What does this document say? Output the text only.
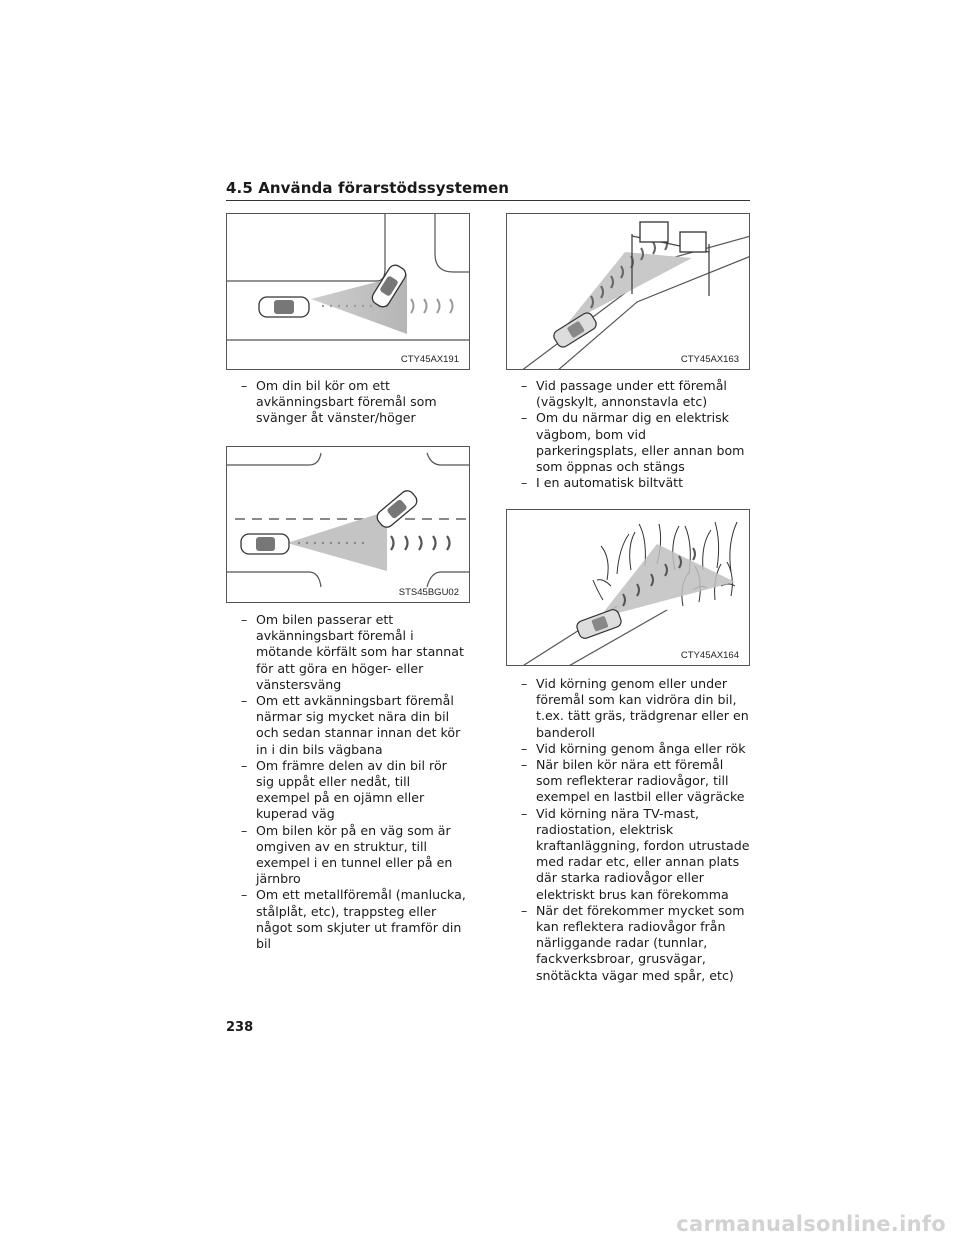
4.5 Använda förarstödssystemen
CTY45AX191
– Om din bil kör om ett avkänningsbart föremål som svänger åt vänster/höger
STS45BGU02
– Om bilen passerar ett avkänningsbart föremål i mötande körfält som har stannat för att göra en höger- eller vänstersväng
– Om ett avkänningsbart föremål närmar sig mycket nära din bil och sedan stannar innan det kör in i din bils vägbana
– Om främre delen av din bil rör sig uppåt eller nedåt, till exempel på en ojämn eller kuperad väg
– Om bilen kör på en väg som är omgiven av en struktur, till exempel i en tunnel eller på en järnbro
– Om ett metallföremål (manlucka, stålplåt, etc), trappsteg eller något som skjuter ut framför din bil
CTY45AX163
– Vid passage under ett föremål (vägskylt, annonstavla etc)
– Om du närmar dig en elektrisk vägbom, bom vid parkeringsplats, eller annan bom som öppnas och stängs
– I en automatisk biltvätt
CTY45AX164
– Vid körning genom eller under föremål som kan vidröra din bil, t.ex. tätt gräs, trädgrenar eller en banderoll
– Vid körning genom ånga eller rök
– När bilen kör nära ett föremål som reflekterar radiovågor, till exempel en lastbil eller vägräcke
– Vid körning nära TV-mast, radiostation, elektrisk kraftanläggning, fordon utrustade med radar etc, eller annan plats där starka radiovågor eller elektriskt brus kan förekomma
– När det förekommer mycket som kan reflektera radiovågor från närliggande radar (tunnlar, fackverksbroar, grusvägar, snötäckta vägar med spår, etc)
238
carmanualsonline.info
